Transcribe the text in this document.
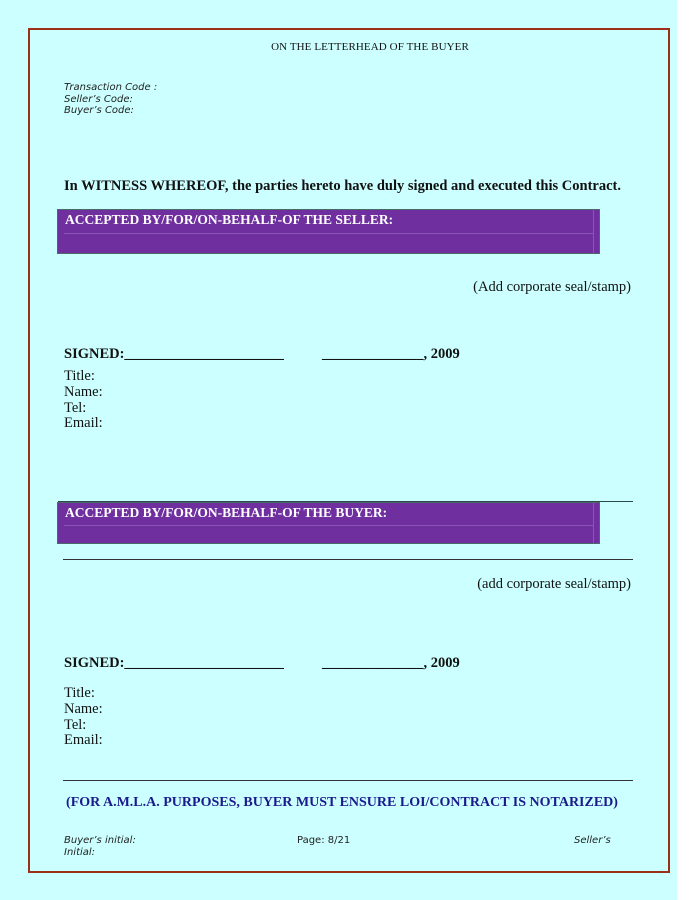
ON THE LETTERHEAD OF THE BUYER
Transaction Code :
Seller’s Code:
Buyer’s Code:
In WITNESS WHEREOF, the parties hereto have duly signed and executed this Contract.
ACCEPTED BY/FOR/ON-BEHALF-OF THE SELLER:
(Add corporate seal/stamp)
SIGNED:______________________	______________, 2009
Title:
Name:
Tel:
Email:
ACCEPTED BY/FOR/ON-BEHALF-OF THE BUYER:
(add corporate seal/stamp)
SIGNED:______________________	______________, 2009
Title:
Name:
Tel:
Email:
(FOR A.M.L.A. PURPOSES, BUYER MUST ENSURE LOI/CONTRACT IS NOTARIZED)
Buyer’s initial:	Page: 8/21	Seller’s
Initial:
